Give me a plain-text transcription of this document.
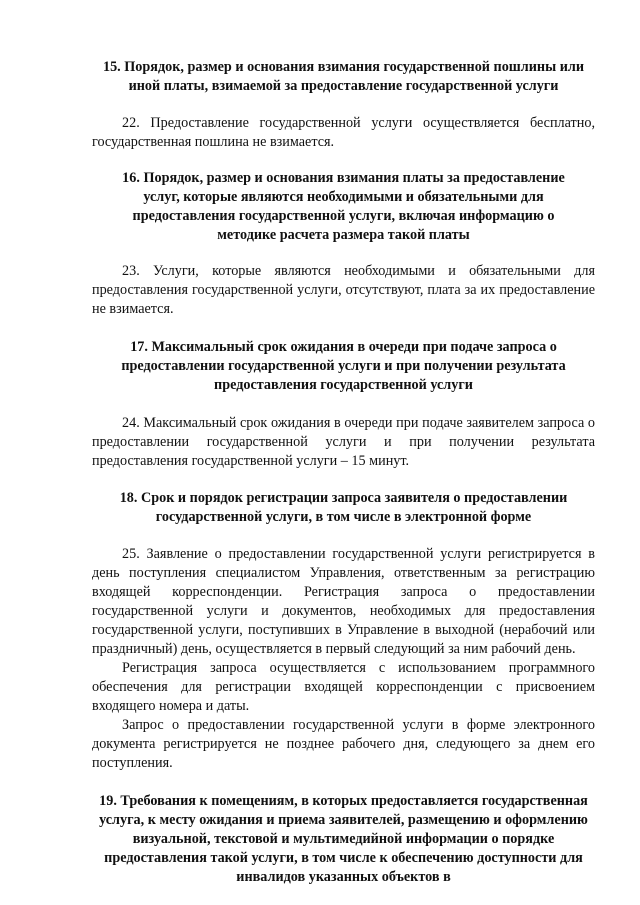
15. Порядок, размер и основания взимания государственной пошлины или иной платы, взимаемой за предоставление государственной услуги

22. Предоставление государственной услуги осуществляется бесплатно, государственная пошлина не взимается.

16. Порядок, размер и основания взимания платы за предоставление услуг, которые являются необходимыми и обязательными для предоставления государственной услуги, включая информацию о методике расчета размера такой платы

23. Услуги, которые являются необходимыми и обязательными для предоставления государственной услуги, отсутствуют, плата за их предоставление не взимается.

17. Максимальный срок ожидания в очереди при подаче запроса о предоставлении государственной услуги и при получении результата предоставления государственной услуги

24. Максимальный срок ожидания в очереди при подаче заявителем запроса о предоставлении государственной услуги и при получении результата предоставления государственной услуги – 15 минут.

18. Срок и порядок регистрации запроса заявителя о предоставлении государственной услуги, в том числе в электронной форме

25. Заявление о предоставлении государственной услуги регистрируется в день поступления специалистом Управления, ответственным за регистрацию входящей корреспонденции. Регистрация запроса о предоставлении государственной услуги и документов, необходимых для предоставления государственной услуги, поступивших в Управление в выходной (нерабочий или праздничный) день, осуществляется в первый следующий за ним рабочий день.

Регистрация запроса осуществляется с использованием программного обеспечения для регистрации входящей корреспонденции с присвоением входящего номера и даты.

Запрос о предоставлении государственной услуги в форме электронного документа регистрируется не позднее рабочего дня, следующего за днем его поступления.

19. Требования к помещениям, в которых предоставляется государственная услуга, к месту ожидания и приема заявителей, размещению и оформлению визуальной, текстовой и мультимедийной информации о порядке предоставления такой услуги, в том числе к обеспечению доступности для инвалидов указанных объектов в
